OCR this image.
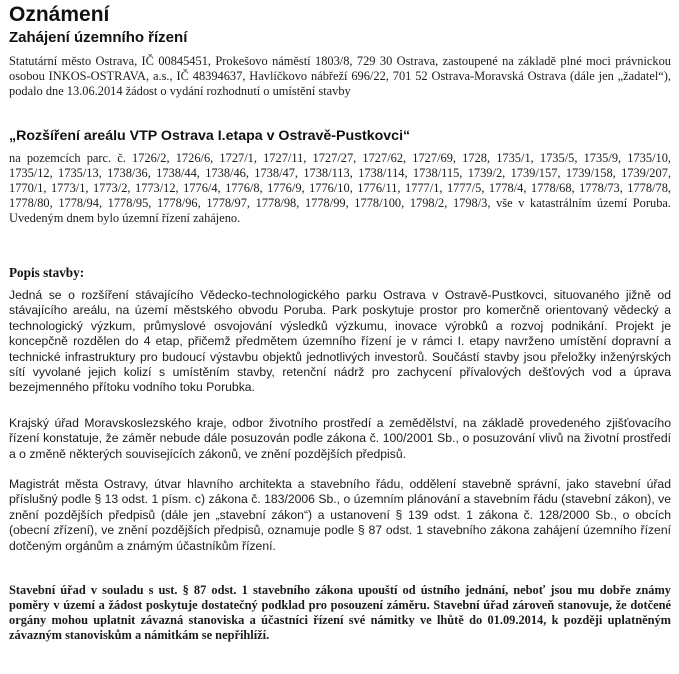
Oznámení
Zahájení územního řízení

Statutární město Ostrava, IČ 00845451, Prokešovo náměstí 1803/8, 729 30 Ostrava, zastoupené na základě plné moci právnickou osobou INKOS-OSTRAVA, a.s., IČ 48394637, Havlíčkovo nábřeží 696/22, 701 52 Ostrava-Moravská Ostrava (dále jen „žadatel“), podalo dne 13.06.2014 žádost o vydání rozhodnutí o umístění stavby

„Rozšíření areálu VTP Ostrava I.etapa v Ostravě-Pustkovci“

na pozemcích parc. č. 1726/2, 1726/6, 1727/1, 1727/11, 1727/27, 1727/62, 1727/69, 1728, 1735/1, 1735/5, 1735/9, 1735/10, 1735/12, 1735/13, 1738/36, 1738/44, 1738/46, 1738/47, 1738/113, 1738/114, 1738/115, 1739/2, 1739/157, 1739/158, 1739/207, 1770/1, 1773/1, 1773/2, 1773/12, 1776/4, 1776/8, 1776/9, 1776/10, 1776/11, 1777/1, 1777/5, 1778/4, 1778/68, 1778/73, 1778/78, 1778/80, 1778/94, 1778/95, 1778/96, 1778/97, 1778/98, 1778/99, 1778/100, 1798/2, 1798/3, vše v katastrálním území Poruba. Uvedeným dnem bylo územní řízení zahájeno.

Popis stavby:

Jedná se o rozšíření stávajícího Vědecko-technologického parku Ostrava v Ostravě-Pustkovci, situovaného jižně od stávajícího areálu, na území městského obvodu Poruba. Park poskytuje prostor pro komerčně orientovaný vědecký a technologický výzkum, průmyslové osvojování výsledků výzkumu, inovace výrobků a rozvoj podnikání. Projekt je koncepčně rozdělen do 4 etap, přičemž předmětem územního řízení je v rámci I. etapy navrženo umístění dopravní a technické infrastruktury pro budoucí výstavbu objektů jednotlivých investorů. Součástí stavby jsou přeložky inženýrských sítí vyvolané jejich kolizí s umístěním stavby, retenční nádrž pro zachycení přívalových dešťových vod a úprava bezejmenného přítoku vodního toku Porubka.

Krajský úřad Moravskoslezského kraje, odbor životního prostředí a zemědělství, na základě provedeného zjišťovacího řízení konstatuje, že záměr nebude dále posuzován podle zákona č. 100/2001 Sb., o posuzování vlivů na životní prostředí a o změně některých souvisejících zákonů, ve znění pozdějších předpisů.

Magistrát města Ostravy, útvar hlavního architekta a stavebního řádu, oddělení stavebně správní, jako stavební úřad příslušný podle § 13 odst. 1 písm. c) zákona č. 183/2006 Sb., o územním plánování a stavebním řádu (stavební zákon), ve znění pozdějších předpisů (dále jen „stavební zákon“) a ustanovení § 139 odst. 1 zákona č. 128/2000 Sb., o obcích (obecní zřízení), ve znění pozdějších předpisů, oznamuje podle § 87 odst. 1 stavebního zákona zahájení územního řízení dotčeným orgánům a známým účastníkům řízení.

Stavební úřad v souladu s ust. § 87 odst. 1 stavebního zákona upouští od ústního jednání, neboť jsou mu dobře známy poměry v území a žádost poskytuje dostatečný podklad pro posouzení záměru. Stavební úřad zároveň stanovuje, že dotčené orgány mohou uplatnit závazná stanoviska a účastníci řízení své námitky ve lhůtě do 01.09.2014, k později uplatněným závazným stanoviskům a námitkám se nepřihlíží.
